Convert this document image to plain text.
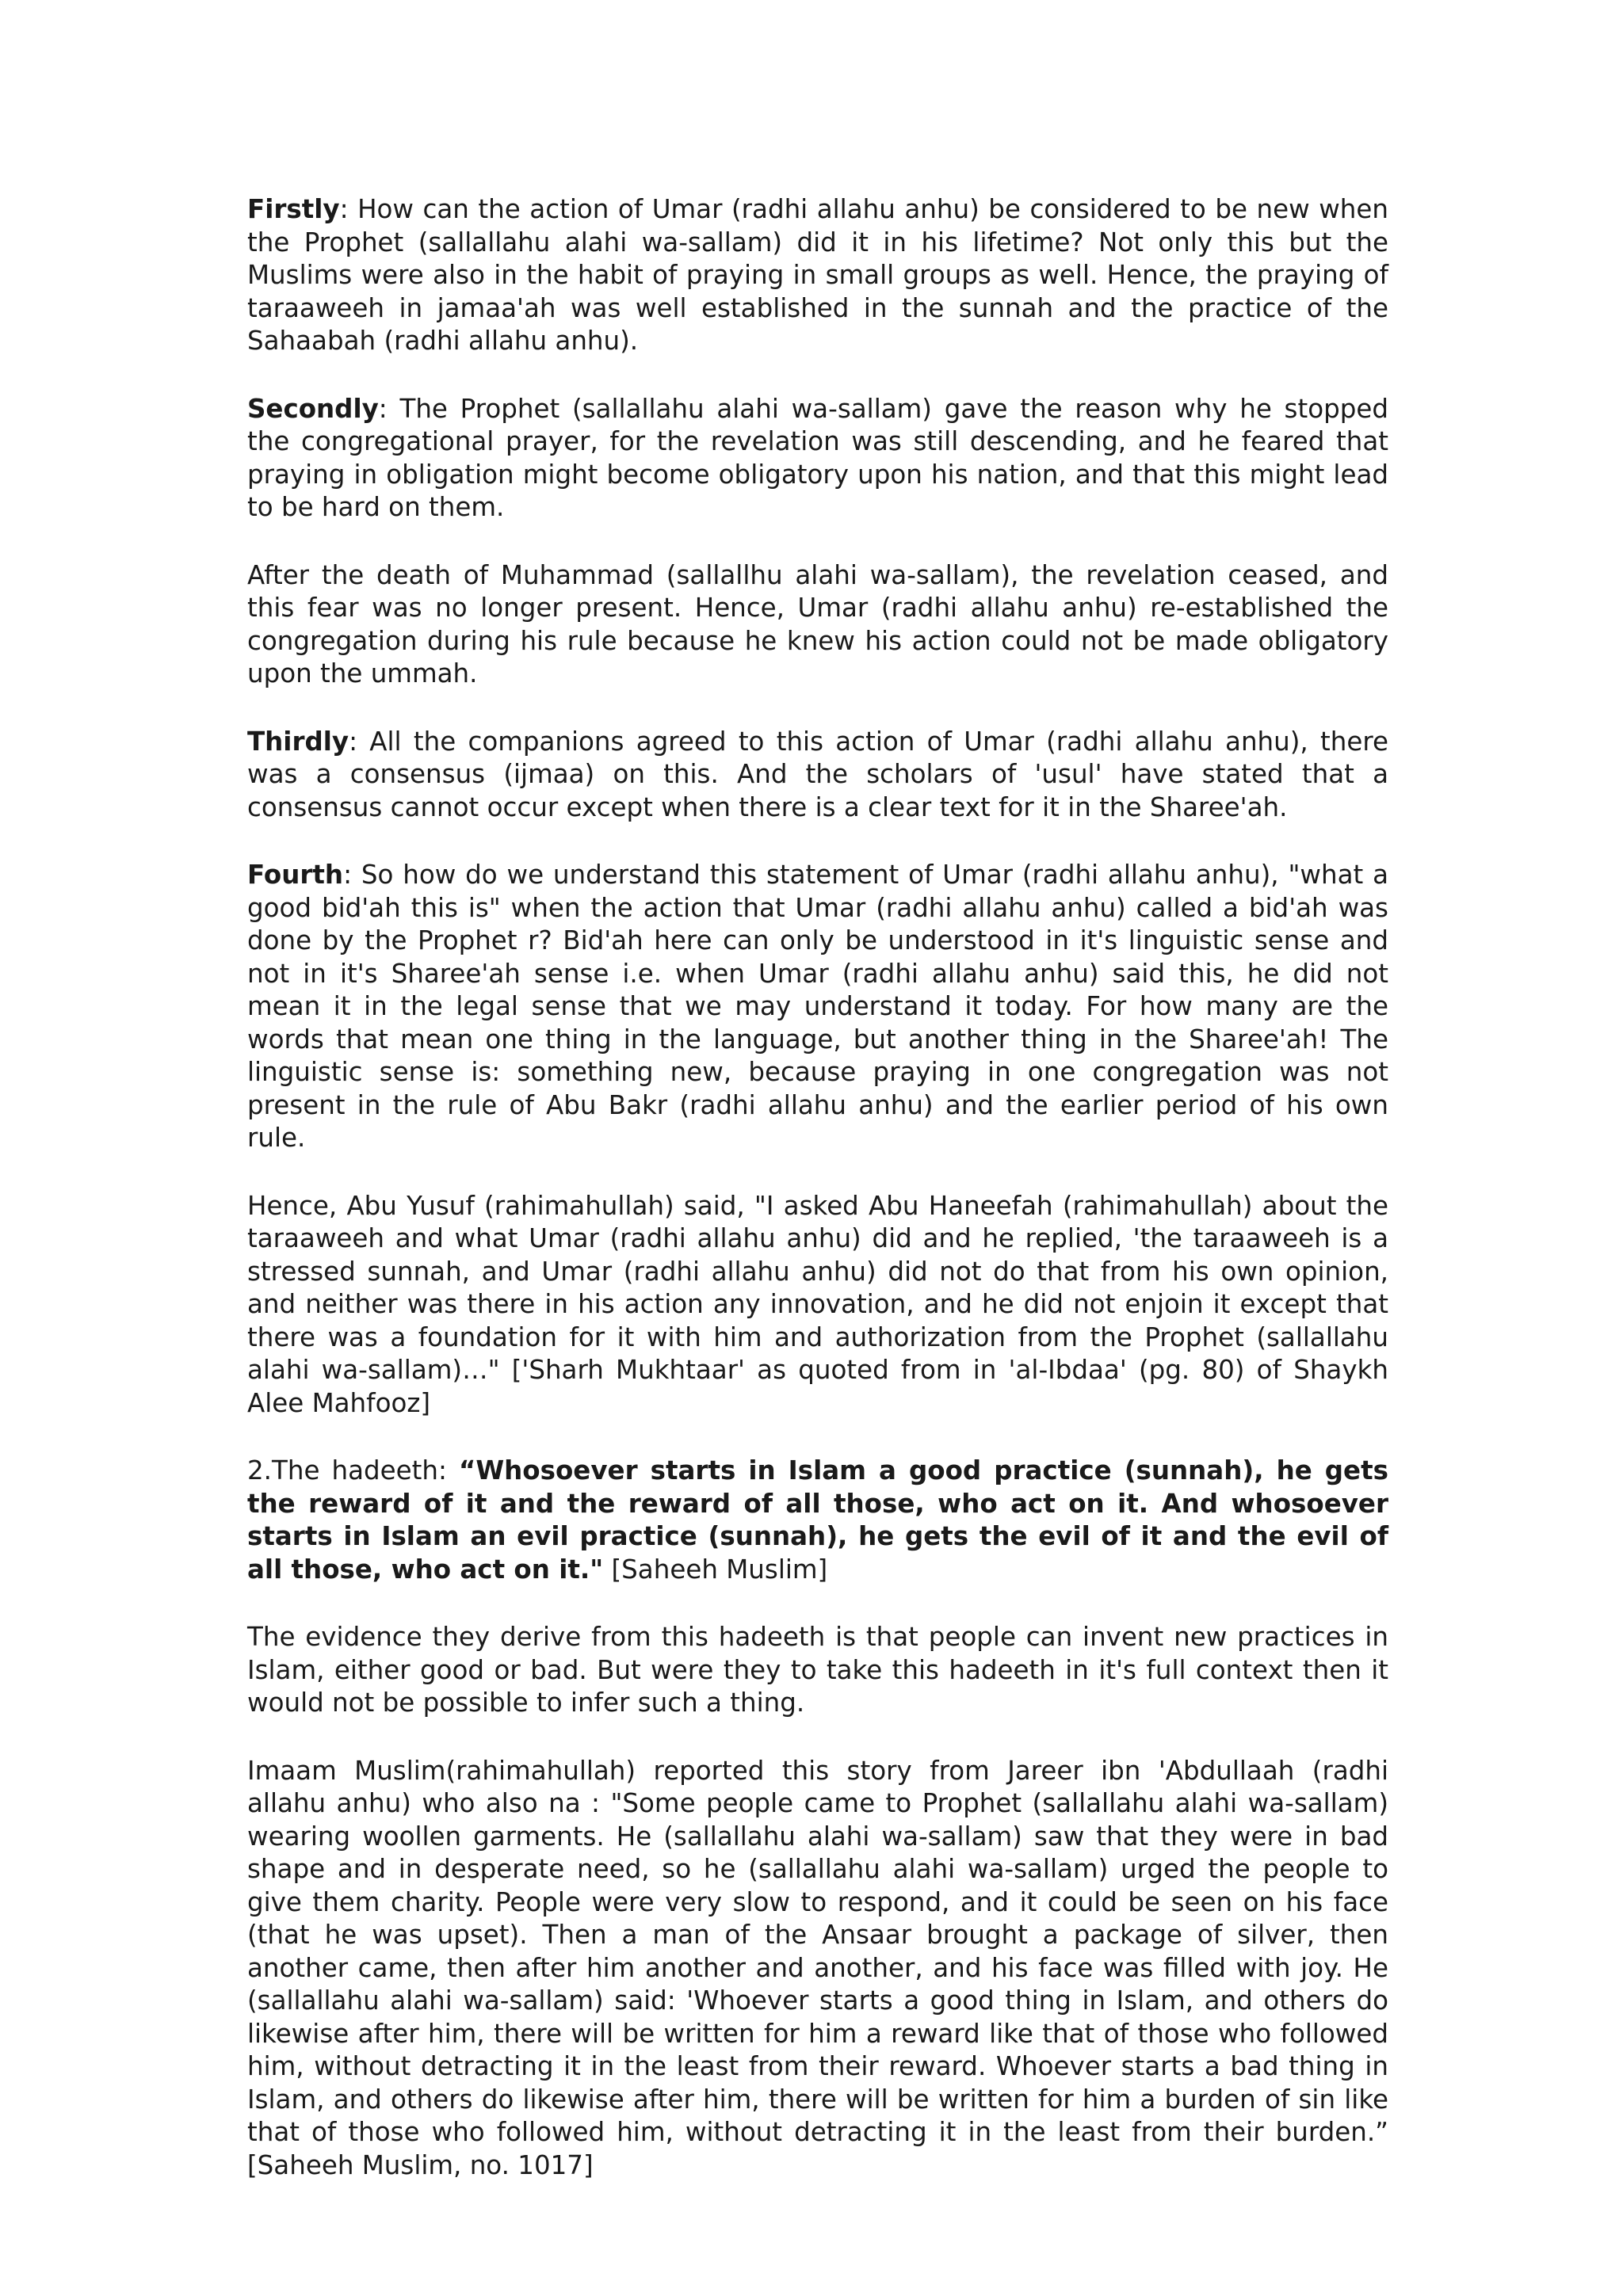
Firstly: How can the action of Umar (radhi allahu anhu) be considered to be new when the Prophet (sallallahu alahi wa-sallam) did it in his lifetime? Not only this but the Muslims were also in the habit of praying in small groups as well. Hence, the praying of taraaweeh in jamaa'ah was well established in the sunnah and the practice of the Sahaabah (radhi allahu anhu).

Secondly: The Prophet (sallallahu alahi wa-sallam) gave the reason why he stopped the congregational prayer, for the revelation was still descending, and he feared that praying in obligation might become obligatory upon his nation, and that this might lead to be hard on them.

After the death of Muhammad (sallallhu alahi wa-sallam), the revelation ceased, and this fear was no longer present. Hence, Umar (radhi allahu anhu) re-established the congregation during his rule because he knew his action could not be made obligatory upon the ummah.

Thirdly: All the companions agreed to this action of Umar (radhi allahu anhu), there was a consensus (ijmaa) on this. And the scholars of 'usul' have stated that a consensus cannot occur except when there is a clear text for it in the Sharee'ah.

Fourth: So how do we understand this statement of Umar (radhi allahu anhu), "what a good bid'ah this is" when the action that Umar (radhi allahu anhu) called a bid'ah was done by the Prophet r? Bid'ah here can only be understood in it's linguistic sense and not in it's Sharee'ah sense i.e. when Umar (radhi allahu anhu) said this, he did not mean it in the legal sense that we may understand it today. For how many are the words that mean one thing in the language, but another thing in the Sharee'ah! The linguistic sense is: something new, because praying in one congregation was not present in the rule of Abu Bakr (radhi allahu anhu) and the earlier period of his own rule.

Hence, Abu Yusuf (rahimahullah) said, "I asked Abu Haneefah (rahimahullah) about the taraaweeh and what Umar (radhi allahu anhu) did and he replied, 'the taraaweeh is a stressed sunnah, and Umar (radhi allahu anhu) did not do that from his own opinion, and neither was there in his action any innovation, and he did not enjoin it except that there was a foundation for it with him and authorization from the Prophet (sallallahu alahi wa-sallam)…" ['Sharh Mukhtaar' as quoted from in 'al-Ibdaa' (pg. 80) of Shaykh Alee Mahfooz]

2.The hadeeth: “Whosoever starts in Islam a good practice (sunnah), he gets the reward of it and the reward of all those, who act on it. And whosoever starts in Islam an evil practice (sunnah), he gets the evil of it and the evil of all those, who act on it." [Saheeh Muslim]

The evidence they derive from this hadeeth is that people can invent new practices in Islam, either good or bad. But were they to take this hadeeth in it's full context then it would not be possible to infer such a thing.

Imaam Muslim(rahimahullah) reported this story from Jareer ibn 'Abdullaah (radhi allahu anhu) who also na : "Some people came to Prophet (sallallahu alahi wa-sallam) wearing woollen garments. He (sallallahu alahi wa-sallam) saw that they were in bad shape and in desperate need, so he (sallallahu alahi wa-sallam) urged the people to give them charity. People were very slow to respond, and it could be seen on his face (that he was upset). Then a man of the Ansaar brought a package of silver, then another came, then after him another and another, and his face was filled with joy. He (sallallahu alahi wa-sallam) said: 'Whoever starts a good thing in Islam, and others do likewise after him, there will be written for him a reward like that of those who followed him, without detracting it in the least from their reward. Whoever starts a bad thing in Islam, and others do likewise after him, there will be written for him a burden of sin like that of those who followed him, without detracting it in the least from their burden.” [Saheeh Muslim, no. 1017]
